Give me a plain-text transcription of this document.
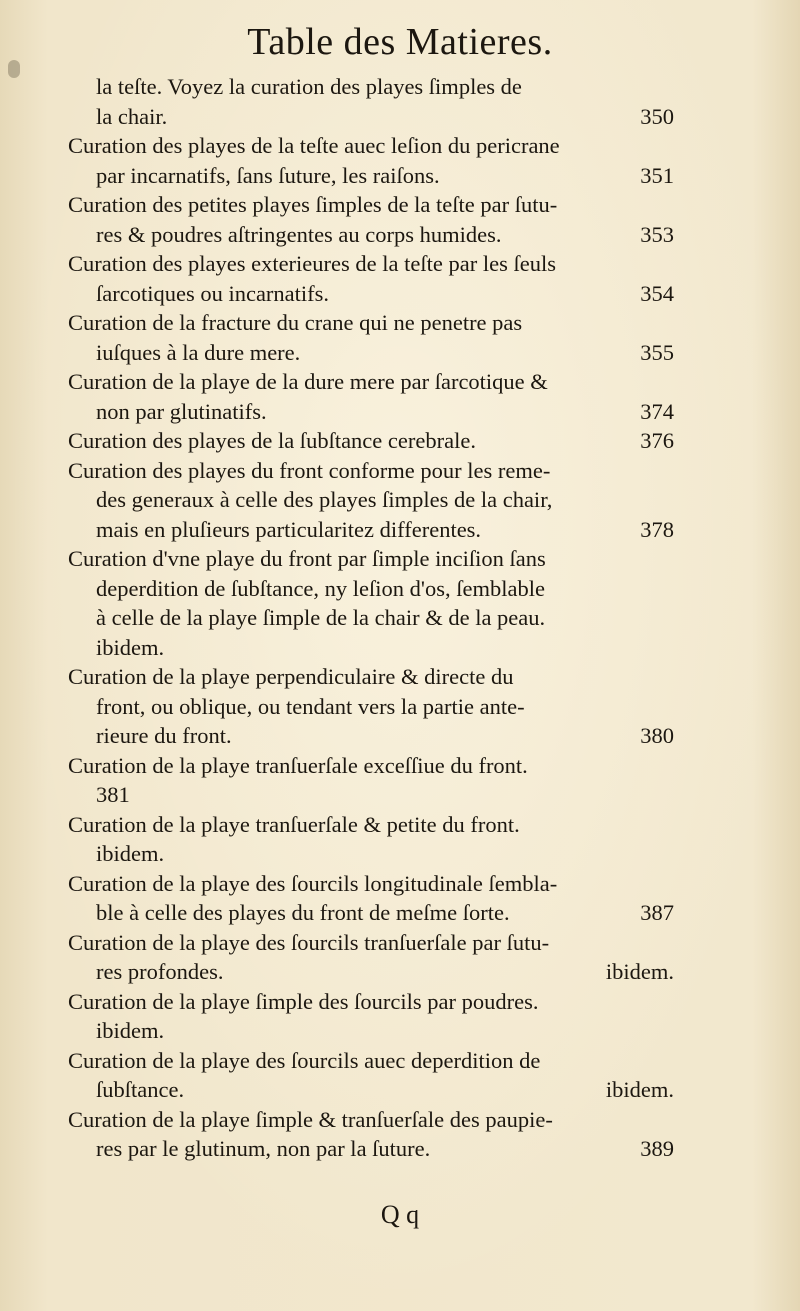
Table des Matieres.
la teſte. Voyez la curation des playes ſimples de
350
la chair.
Curation des playes de la teſte auec leſion du pericrane
351
par incarnatifs, ſans ſuture, les raiſons.
Curation des petites playes ſimples de la teſte par ſutu-
353
res & poudres aſtringentes au corps humides.
Curation des playes exterieures de la teſte par les ſeuls
354
ſarcotiques ou incarnatifs.
Curation de la fracture du crane qui ne penetre pas
355
iuſques à la dure mere.
Curation de la playe de la dure mere par ſarcotique &
374
non par glutinatifs.
376
Curation des playes de la ſubſtance cerebrale.
Curation des playes du front conforme pour les reme-
des generaux à celle des playes ſimples de la chair,
378
mais en pluſieurs particularitez differentes.
Curation d'vne playe du front par ſimple inciſion ſans
deperdition de ſubſtance, ny leſion d'os, ſemblable
à celle de la playe ſimple de la chair & de la peau.
ibidem.
Curation de la playe perpendiculaire & directe du
front, ou oblique, ou tendant vers la partie ante-
380
rieure du front.
Curation de la playe tranſuerſale exceſſiue du front.
381
Curation de la playe tranſuerſale & petite du front.
ibidem.
Curation de la playe des ſourcils longitudinale ſembla-
387
ble à celle des playes du front de meſme ſorte.
Curation de la playe des ſourcils tranſuerſale par ſutu-
ibidem.
res profondes.
Curation de la playe ſimple des ſourcils par poudres.
ibidem.
Curation de la playe des ſourcils auec deperdition de
ibidem.
ſubſtance.
Curation de la playe ſimple & tranſuerſale des paupie-
389
res par le glutinum, non par la ſuture.
Q q
